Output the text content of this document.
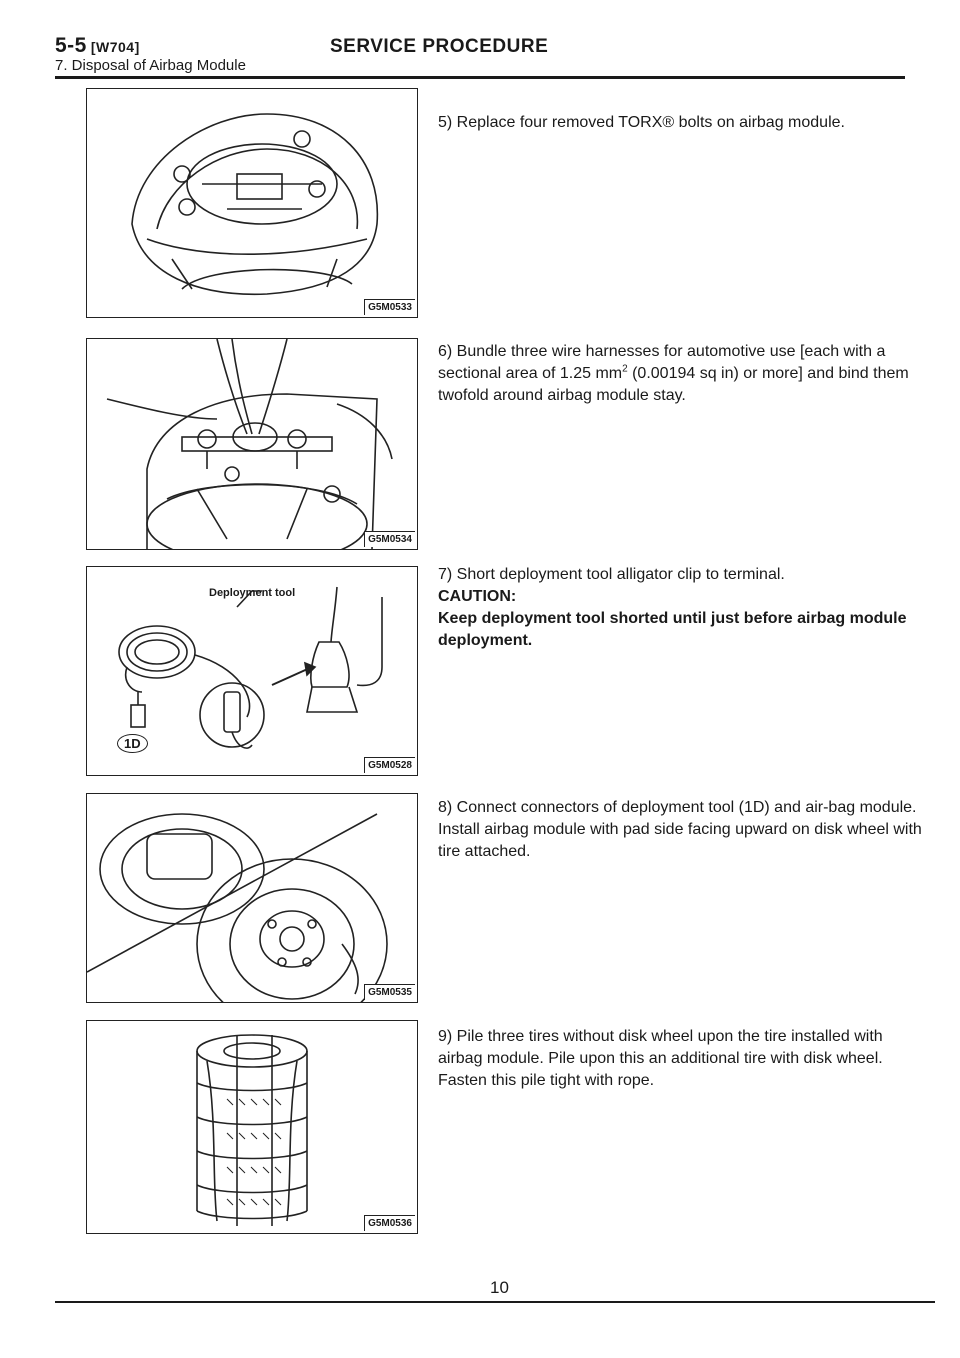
5-5 [W704]
7. Disposal of Airbag Module
SERVICE PROCEDURE
G5M0533
G5M0534
Deployment tool
1D
G5M0528
G5M0535
G5M0536

5) Replace four removed TORX® bolts on airbag module.

6) Bundle three wire harnesses for automotive use [each with a sectional area of 1.25 $mm^2$ (0.00194 sq in) or more] and bind them twofold around airbag module stay.

7) Short deployment tool alligator clip to terminal.

CAUTION:

Keep deployment tool shorted until just before airbag module deployment.

8) Connect connectors of deployment tool (1D) and air-bag module.

Install airbag module with pad side facing upward on disk wheel with tire attached.

9) Pile three tires without disk wheel upon the tire installed with airbag module. Pile upon this an additional tire with disk wheel. Fasten this pile tight with rope.

10
